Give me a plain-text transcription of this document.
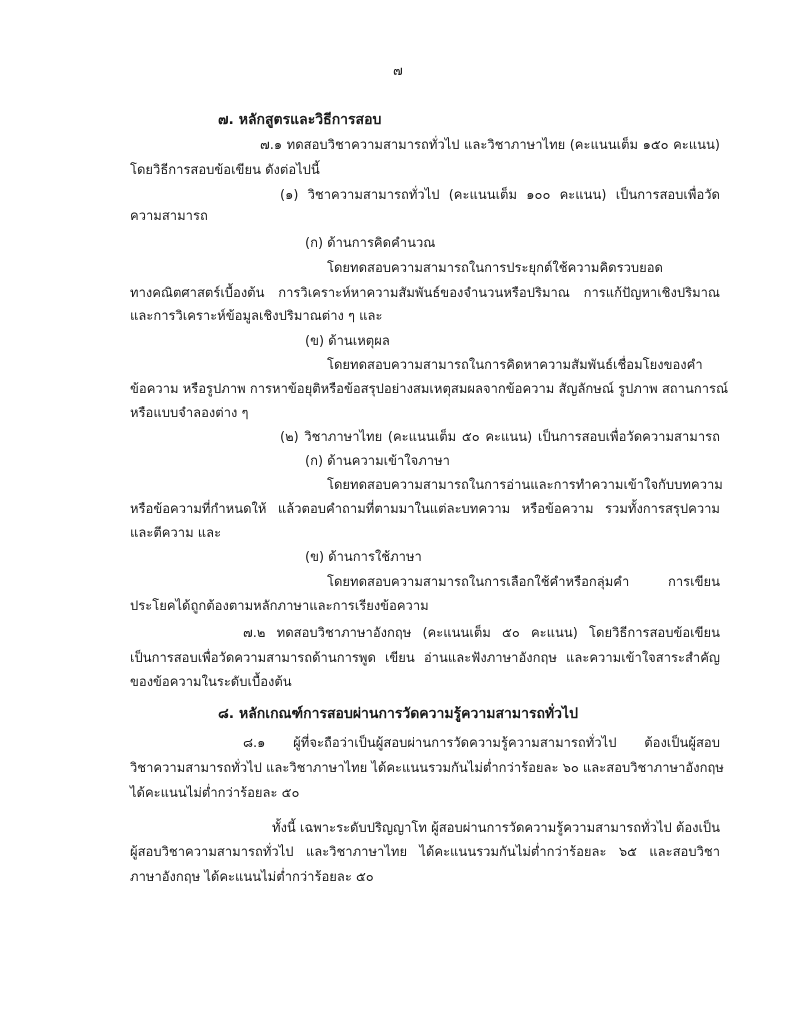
๗
๗. หลักสูตรและวิธีการสอบ
๗.๑ ทดสอบวิชาความสามารถทั่วไป และวิชาภาษาไทย (คะแนนเต็ม ๑๕๐ คะแนน)
โดยวิธีการสอบข้อเขียน ดังต่อไปนี้
(๑) วิชาความสามารถทั่วไป (คะแนนเต็ม ๑๐๐ คะแนน) เป็นการสอบเพื่อวัด
ความสามารถ
(ก) ด้านการคิดคำนวณ
โดยทดสอบความสามารถในการประยุกต์ใช้ความคิดรวบยอด
ทางคณิตศาสตร์เบื้องต้น การวิเคราะห์หาความสัมพันธ์ของจำนวนหรือปริมาณ การแก้ปัญหาเชิงปริมาณ
และการวิเคราะห์ข้อมูลเชิงปริมาณต่าง ๆ และ
(ข) ด้านเหตุผล
โดยทดสอบความสามารถในการคิดหาความสัมพันธ์เชื่อมโยงของคำ
ข้อความ หรือรูปภาพ การหาข้อยุติหรือข้อสรุปอย่างสมเหตุสมผลจากข้อความ สัญลักษณ์ รูปภาพ สถานการณ์
หรือแบบจำลองต่าง ๆ
(๒) วิชาภาษาไทย (คะแนนเต็ม ๕๐ คะแนน) เป็นการสอบเพื่อวัดความสามารถ
(ก) ด้านความเข้าใจภาษา
โดยทดสอบความสามารถในการอ่านและการทำความเข้าใจกับบทความ
หรือข้อความที่กำหนดให้ แล้วตอบคำถามที่ตามมาในแต่ละบทความ หรือข้อความ รวมทั้งการสรุปความ
และตีความ และ
(ข) ด้านการใช้ภาษา
โดยทดสอบความสามารถในการเลือกใช้คำหรือกลุ่มคำ การเขียน
ประโยคได้ถูกต้องตามหลักภาษาและการเรียงข้อความ
๗.๒ ทดสอบวิชาภาษาอังกฤษ (คะแนนเต็ม ๕๐ คะแนน) โดยวิธีการสอบข้อเขียน
เป็นการสอบเพื่อวัดความสามารถด้านการพูด เขียน อ่านและฟังภาษาอังกฤษ และความเข้าใจสาระสำคัญ
ของข้อความในระดับเบื้องต้น
๘. หลักเกณฑ์การสอบผ่านการวัดความรู้ความสามารถทั่วไป
๘.๑ ผู้ที่จะถือว่าเป็นผู้สอบผ่านการวัดความรู้ความสามารถทั่วไป ต้องเป็นผู้สอบ
วิชาความสามารถทั่วไป และวิชาภาษาไทย ได้คะแนนรวมกันไม่ต่ำกว่าร้อยละ ๖๐ และสอบวิชาภาษาอังกฤษ
ได้คะแนนไม่ต่ำกว่าร้อยละ ๕๐
ทั้งนี้ เฉพาะระดับปริญญาโท ผู้สอบผ่านการวัดความรู้ความสามารถทั่วไป ต้องเป็น
ผู้สอบวิชาความสามารถทั่วไป และวิชาภาษาไทย ได้คะแนนรวมกันไม่ต่ำกว่าร้อยละ ๖๕ และสอบวิชา
ภาษาอังกฤษ ได้คะแนนไม่ต่ำกว่าร้อยละ ๕๐
